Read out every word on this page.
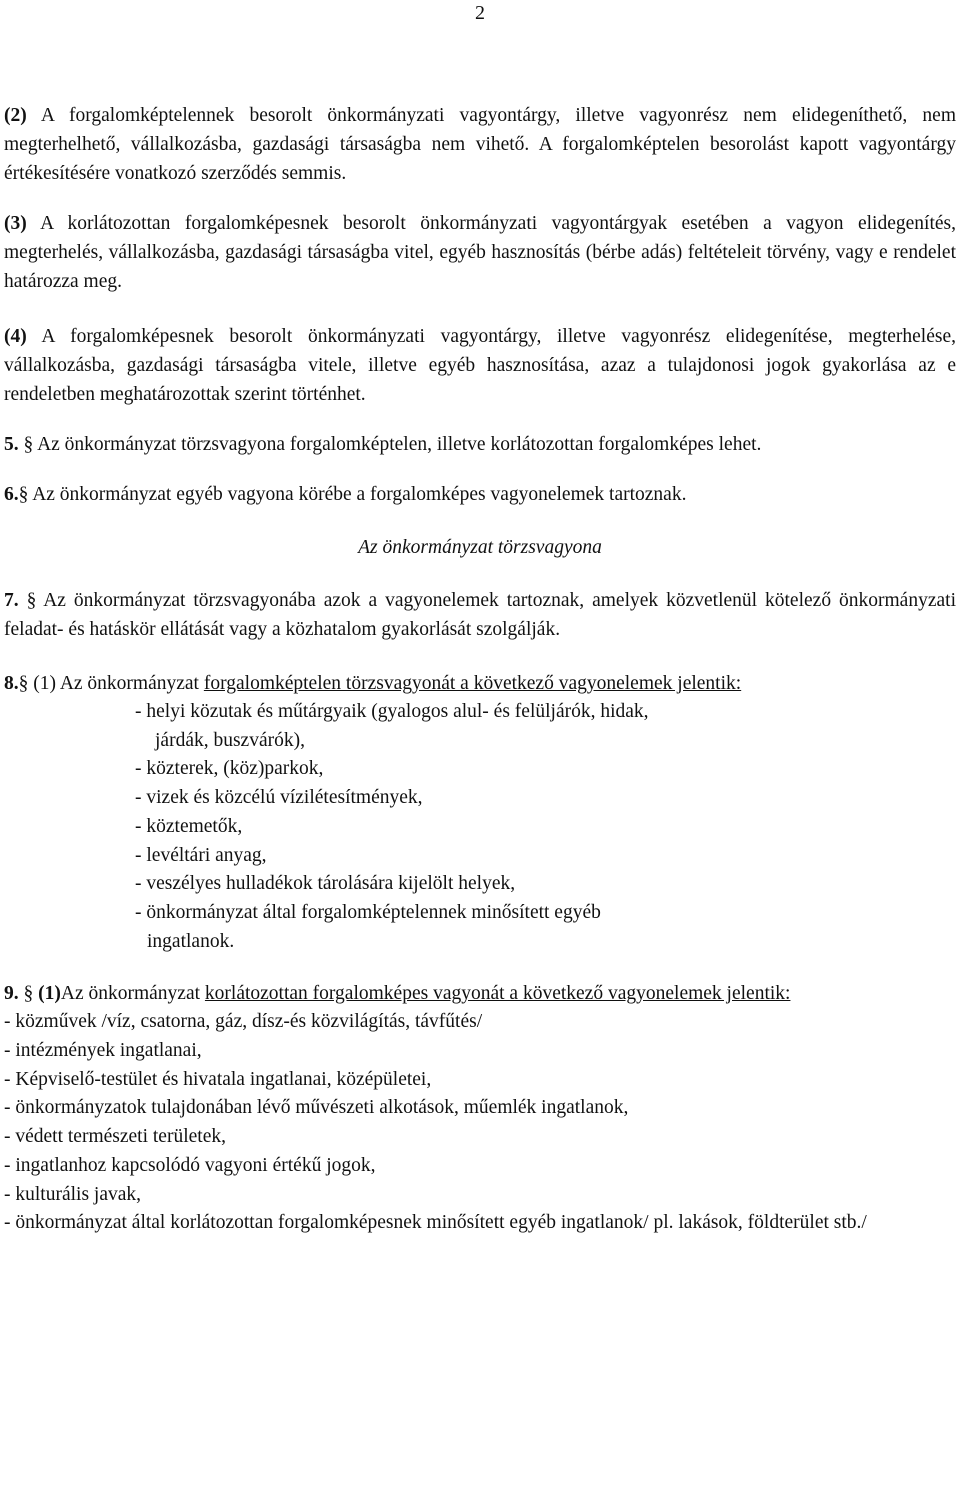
2
(2) A forgalomképtelennek besorolt önkormányzati vagyontárgy, illetve vagyonrész nem elidegeníthető, nem megterhelhető, vállalkozásba, gazdasági társaságba nem vihető. A forgalomképtelen besorolást kapott vagyontárgy értékesítésére vonatkozó szerződés semmis.
(3) A korlátozottan forgalomképesnek besorolt önkormányzati vagyontárgyak esetében a vagyon elidegenítés, megterhelés, vállalkozásba, gazdasági társaságba vitel, egyéb hasznosítás (bérbe adás) feltételeit törvény, vagy e rendelet határozza meg.
(4) A forgalomképesnek besorolt önkormányzati vagyontárgy, illetve vagyonrész elidegenítése, megterhelése, vállalkozásba, gazdasági társaságba vitele, illetve egyéb hasznosítása, azaz a tulajdonosi jogok gyakorlása az e rendeletben meghatározottak szerint történhet.
5. § Az önkormányzat törzsvagyona forgalomképtelen, illetve korlátozottan forgalomképes lehet.
6.§ Az önkormányzat egyéb vagyona körébe a forgalomképes vagyonelemek tartoznak.
Az önkormányzat törzsvagyona
7. § Az önkormányzat törzsvagyonába azok a vagyonelemek tartoznak, amelyek közvetlenül kötelező önkormányzati feladat- és hatáskör ellátását vagy a közhatalom gyakorlását szolgálják.
8.§ (1) Az önkormányzat forgalomképtelen törzsvagyonát a következő vagyonelemek jelentik:
- helyi közutak és műtárgyaik (gyalogos alul- és felüljárók, hidak,
járdák, buszvárók),
- közterek, (köz)parkok,
- vizek és közcélú vízilétesítmények,
- köztemetők,
- levéltári anyag,
- veszélyes hulladékok tárolására kijelölt helyek,
- önkormányzat által forgalomképtelennek minősített egyéb
ingatlanok.
9. § (1)Az önkormányzat korlátozottan forgalomképes vagyonát a következő vagyonelemek jelentik:
- közművek /víz, csatorna, gáz, dísz-és közvilágítás, távfűtés/
- intézmények ingatlanai,
- Képviselő-testület és hivatala ingatlanai, középületei,
- önkormányzatok tulajdonában lévő művészeti alkotások, műemlék ingatlanok,
- védett természeti területek,
- ingatlanhoz kapcsolódó vagyoni értékű jogok,
- kulturális javak,
- önkormányzat által korlátozottan forgalomképesnek minősített egyéb ingatlanok/ pl. lakások, földterület stb./
